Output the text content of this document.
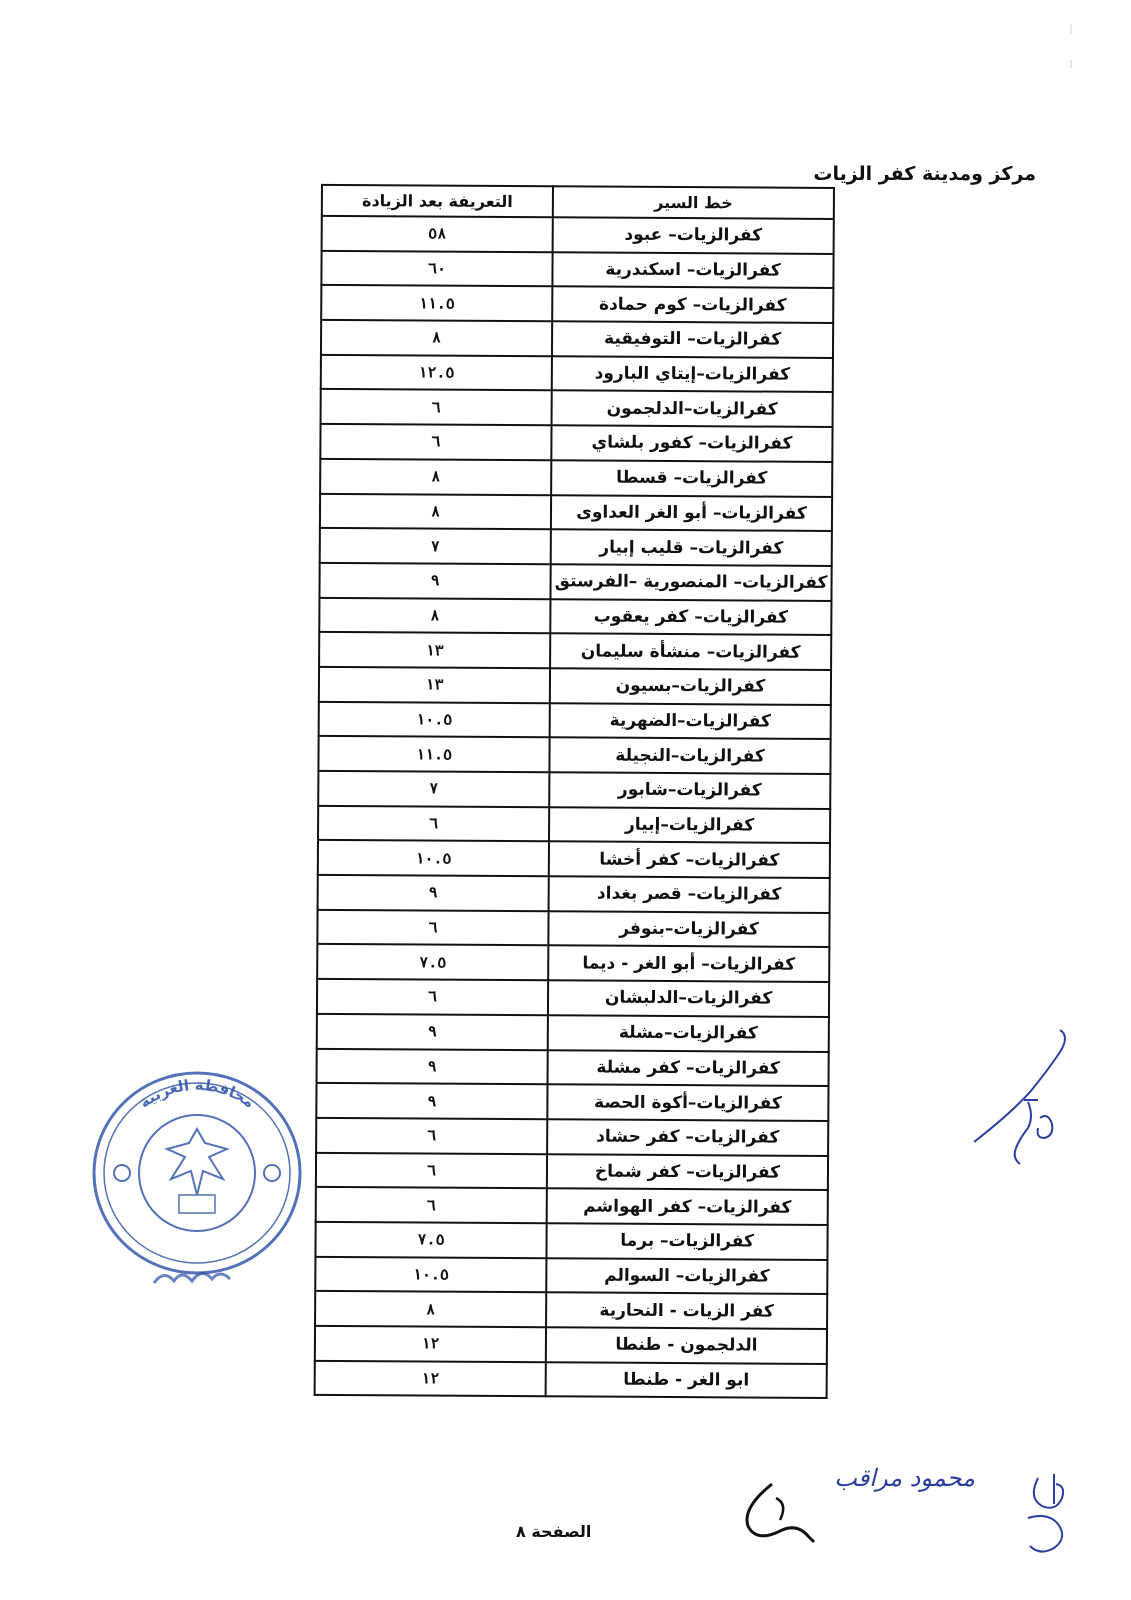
مركز ومدينة كفر الزيات
خط السير	التعريفة بعد الزيادة
كفرالزيات– عبود	٥٨
كفرالزيات– اسكندرية	٦٠
كفرالزيات– كوم حمادة	١١.٥
كفرالزيات– التوفيقية	٨
كفرالزيات–إيتاي البارود	١٢.٥
كفرالزيات–الدلجمون	٦
كفرالزيات– كفور بلشاي	٦
كفرالزيات– قسطا	٨
كفرالزيات– أبو الغر العداوى	٨
كفرالزيات– قليب إبيار	٧
كفرالزيات– المنصورية –الفرستق	٩
كفرالزيات– كفر يعقوب	٨
كفرالزيات– منشأة سليمان	١٣
كفرالزيات–بسيون	١٣
كفرالزيات–الضهرية	١٠.٥
كفرالزيات–النجيلة	١١.٥
كفرالزيات–شابور	٧
كفرالزيات–إبيار	٦
كفرالزيات– كفر أخشا	١٠.٥
كفرالزيات– قصر بغداد	٩
كفرالزيات–بنوفر	٦
كفرالزيات– أبو الغر - ديما	٧.٥
كفرالزيات–الدلبشان	٦
كفرالزيات–مشلة	٩
كفرالزيات– كفر مشلة	٩
كفرالزيات–أكوة الحصة	٩
كفرالزيات– كفر حشاد	٦
كفرالزيات– كفر شماخ	٦
كفرالزيات– كفر الهواشم	٦
كفرالزيات– برما	٧.٥
كفرالزيات– السوالم	١٠.٥
كفر الزيات - النحارية	٨
الدلجمون - طنطا	١٢
ابو الغر - طنطا	١٢
الصفحة ٨
محافظة الغربية
محمود مراقب
